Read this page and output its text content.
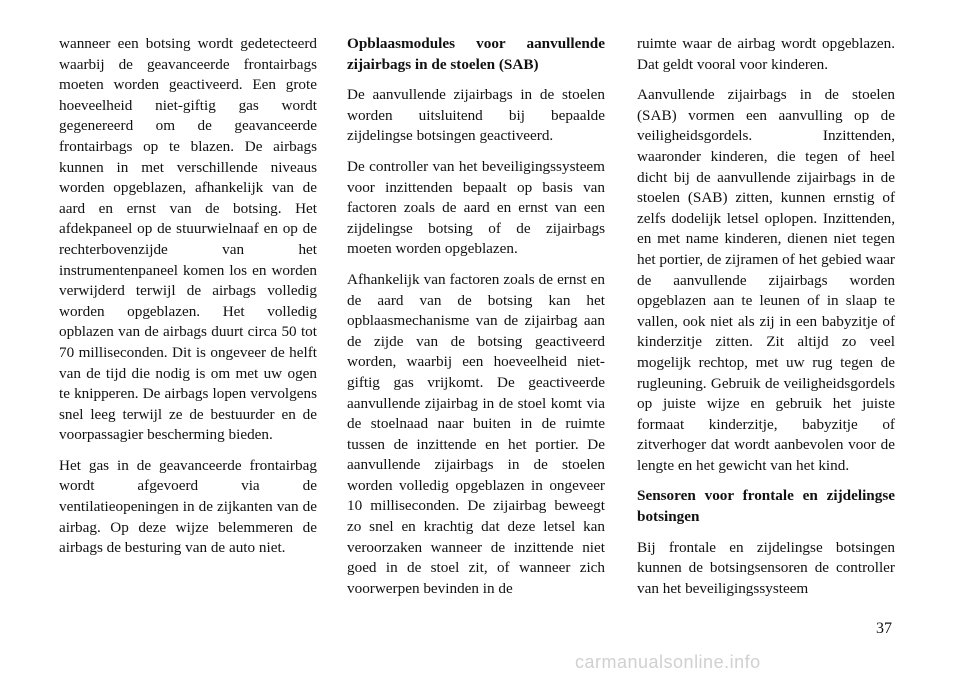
wanneer een botsing wordt gedetecteerd waarbij de geavanceerde frontairbags moeten worden geactiveerd. Een grote hoeveelheid niet-giftig gas wordt gegenereerd om de geavanceerde frontairbags op te blazen. De airbags kunnen in met verschillende niveaus worden opgeblazen, afhankelijk van de aard en ernst van de botsing. Het afdekpaneel op de stuurwielnaaf en op de rechterbovenzijde van het instrumentenpaneel komen los en worden verwijderd terwijl de airbags volledig worden opgeblazen. Het volledig opblazen van de airbags duurt circa 50 tot 70 milliseconden. Dit is ongeveer de helft van de tijd die nodig is om met uw ogen te knipperen. De airbags lopen vervolgens snel leeg terwijl ze de bestuurder en de voorpassagier bescherming bieden.

Het gas in de geavanceerde frontairbag wordt afgevoerd via de ventilatieopeningen in de zijkanten van de airbag. Op deze wijze belemmeren de airbags de besturing van de auto niet.

Opblaasmodules voor aanvullende zijairbags in de stoelen (SAB)

De aanvullende zijairbags in de stoelen worden uitsluitend bij bepaalde zijdelingse botsingen geactiveerd.

De controller van het beveiligingssysteem voor inzittenden bepaalt op basis van factoren zoals de aard en ernst van een zijdelingse botsing of de zijairbags moeten worden opgeblazen.

Afhankelijk van factoren zoals de ernst en de aard van de botsing kan het opblaasmechanisme van de zijairbag aan de zijde van de botsing geactiveerd worden, waarbij een hoeveelheid niet-giftig gas vrijkomt. De geactiveerde aanvullende zijairbag in de stoel komt via de stoelnaad naar buiten in de ruimte tussen de inzittende en het portier. De aanvullende zijairbags in de stoelen worden volledig opgeblazen in ongeveer 10 milliseconden. De zijairbag beweegt zo snel en krachtig dat deze letsel kan veroorzaken wanneer de inzittende niet goed in de stoel zit, of wanneer zich voorwerpen bevinden in de

ruimte waar de airbag wordt opgeblazen. Dat geldt vooral voor kinderen.

Aanvullende zijairbags in de stoelen (SAB) vormen een aanvulling op de veiligheidsgordels. Inzittenden, waaronder kinderen, die tegen of heel dicht bij de aanvullende zijairbags in de stoelen (SAB) zitten, kunnen ernstig of zelfs dodelijk letsel oplopen. Inzittenden, en met name kinderen, dienen niet tegen het portier, de zijramen of het gebied waar de aanvullende zijairbags worden opgeblazen aan te leunen of in slaap te vallen, ook niet als zij in een babyzitje of kinderzitje zitten. Zit altijd zo veel mogelijk rechtop, met uw rug tegen de rugleuning. Gebruik de veiligheidsgordels op juiste wijze en gebruik het juiste formaat kinderzitje, babyzitje of zitverhoger dat wordt aanbevolen voor de lengte en het gewicht van het kind.

Sensoren voor frontale en zijdelingse botsingen

Bij frontale en zijdelingse botsingen kunnen de botsingsensoren de controller van het beveiligingssysteem

37
carmanualsonline.info
